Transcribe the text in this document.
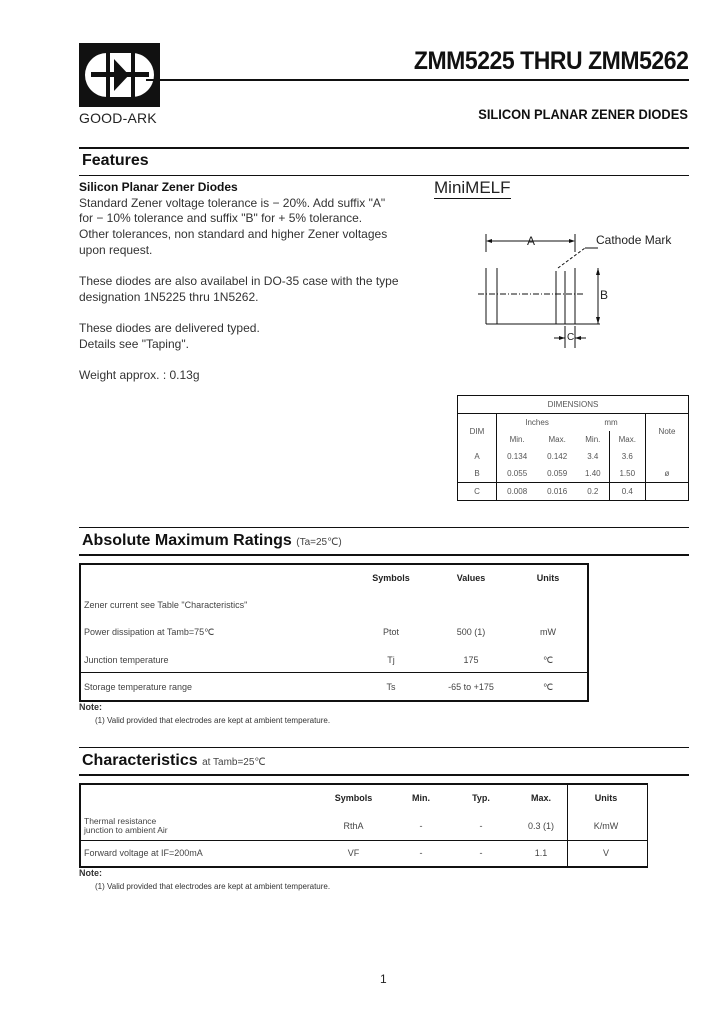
GOOD-ARK
ZMM5225 THRU ZMM5262
SILICON PLANAR ZENER DIODES
Features
Silicon Planar Zener Diodes
Standard Zener voltage tolerance is − 20%. Add suffix "A"
for − 10% tolerance and suffix "B" for + 5% tolerance.
Other tolerances, non standard and higher Zener voltages
upon request.

These diodes are also availabel in DO-35 case with the type
designation 1N5225 thru 1N5262.

These diodes are delivered typed.
Details see "Taping".

Weight approx. : 0.13g
MiniMELF
A
B
C
Cathode Mark
DIMENSIONS					
DIM	Inches		mm		Note
	Min.	Max.	Min.	Max.	
A	0.134	0.142	3.4	3.6	
B	0.055	0.059	1.40	1.50	ø
C	0.008	0.016	0.2	0.4	
Absolute Maximum Ratings (Ta=25℃)
Symbols	Values	Units
Zener current see Table "Characteristics"
Power dissipation at Tamb=75℃	Ptot	500 (1)	mW
Junction temperature	Tj	175	℃
Storage temperature range	Ts	-65 to +175	℃
Note:
(1) Valid provided that electrodes are kept at ambient temperature.
Characteristics at Tamb=25℃
Symbols	Min.	Typ.	Max.	Units
Thermal resistance
junction to ambient Air	RthA	-	-	0.3 (1)	K/mW
Forward voltage at IF=200mA	VF	-	-	1.1	V
Note:
(1) Valid provided that electrodes are kept at ambient temperature.
1
